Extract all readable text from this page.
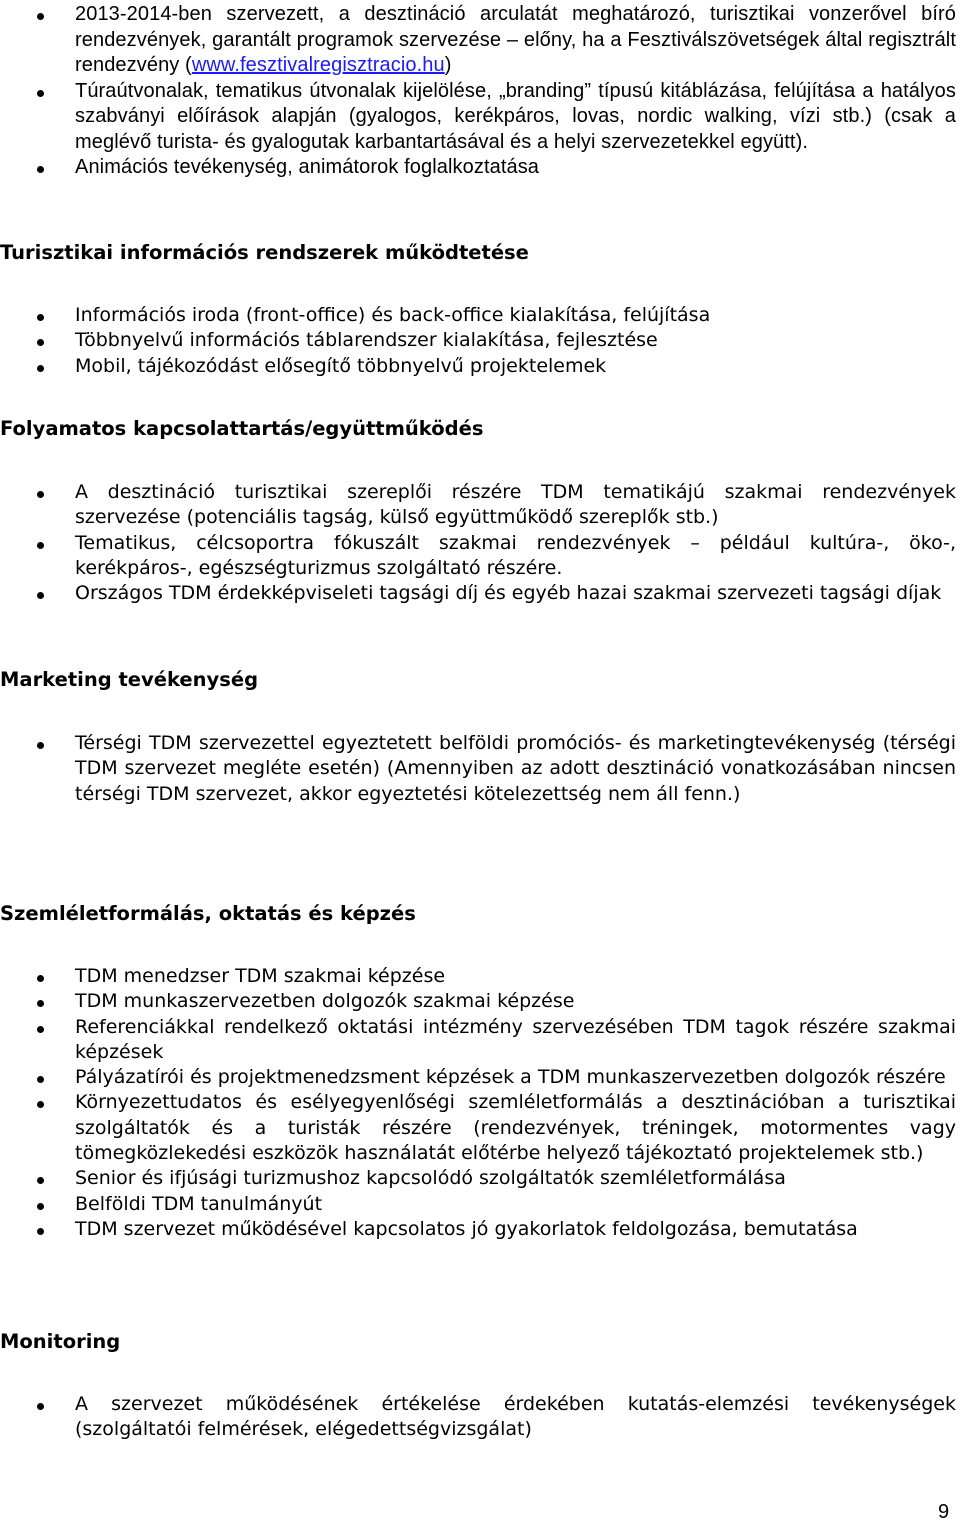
2013-2014-ben szervezett, a desztináció arculatát meghatározó, turisztikai vonzerővel bíró rendezvények, garantált programok szervezése – előny, ha a Fesztiválszövetségek által regisztrált rendezvény (www.fesztivalregisztracio.hu)
Túraútvonalak, tematikus útvonalak kijelölése, „branding” típusú kitáblázása, felújítása a hatályos szabványi előírások alapján (gyalogos, kerékpáros, lovas, nordic walking, vízi stb.) (csak a meglévő turista- és gyalogutak karbantartásával és a helyi szervezetekkel együtt).
Animációs tevékenység, animátorok foglalkoztatása
Turisztikai információs rendszerek működtetése
Információs iroda (front-office) és back-office kialakítása, felújítása
Többnyelvű információs táblarendszer kialakítása, fejlesztése
Mobil, tájékozódást elősegítő többnyelvű projektelemek
Folyamatos kapcsolattartás/együttműködés
A desztináció turisztikai szereplői részére TDM tematikájú szakmai rendezvények szervezése (potenciális tagság, külső együttműködő szereplők stb.)
Tematikus, célcsoportra fókuszált szakmai rendezvények – például kultúra-, öko-, kerékpáros-, egészségturizmus szolgáltató részére.
Országos TDM érdekképviseleti tagsági díj és egyéb hazai szakmai szervezeti tagsági díjak
Marketing tevékenység
Térségi TDM szervezettel egyeztetett belföldi promóciós- és marketingtevékenység (térségi TDM szervezet megléte esetén) (Amennyiben az adott desztináció vonatkozásában nincsen térségi TDM szervezet, akkor egyeztetési kötelezettség nem áll fenn.)
Szemléletformálás, oktatás és képzés
TDM menedzser TDM szakmai képzése
TDM munkaszervezetben dolgozók szakmai képzése
Referenciákkal rendelkező oktatási intézmény szervezésében TDM tagok részére szakmai képzések
Pályázatírói és projektmenedzsment képzések a TDM munkaszervezetben dolgozók részére
Környezettudatos és esélyegyenlőségi szemléletformálás a desztinációban a turisztikai szolgáltatók és a turisták részére (rendezvények, tréningek, motormentes vagy tömegközlekedési eszközök használatát előtérbe helyező tájékoztató projektelemek stb.)
Senior és ifjúsági turizmushoz kapcsolódó szolgáltatók szemléletformálása
Belföldi TDM tanulmányút
TDM szervezet működésével kapcsolatos jó gyakorlatok feldolgozása, bemutatása
Monitoring
A szervezet működésének értékelése érdekében kutatás-elemzési tevékenységek (szolgáltatói felmérések, elégedettségvizsgálat)
9
